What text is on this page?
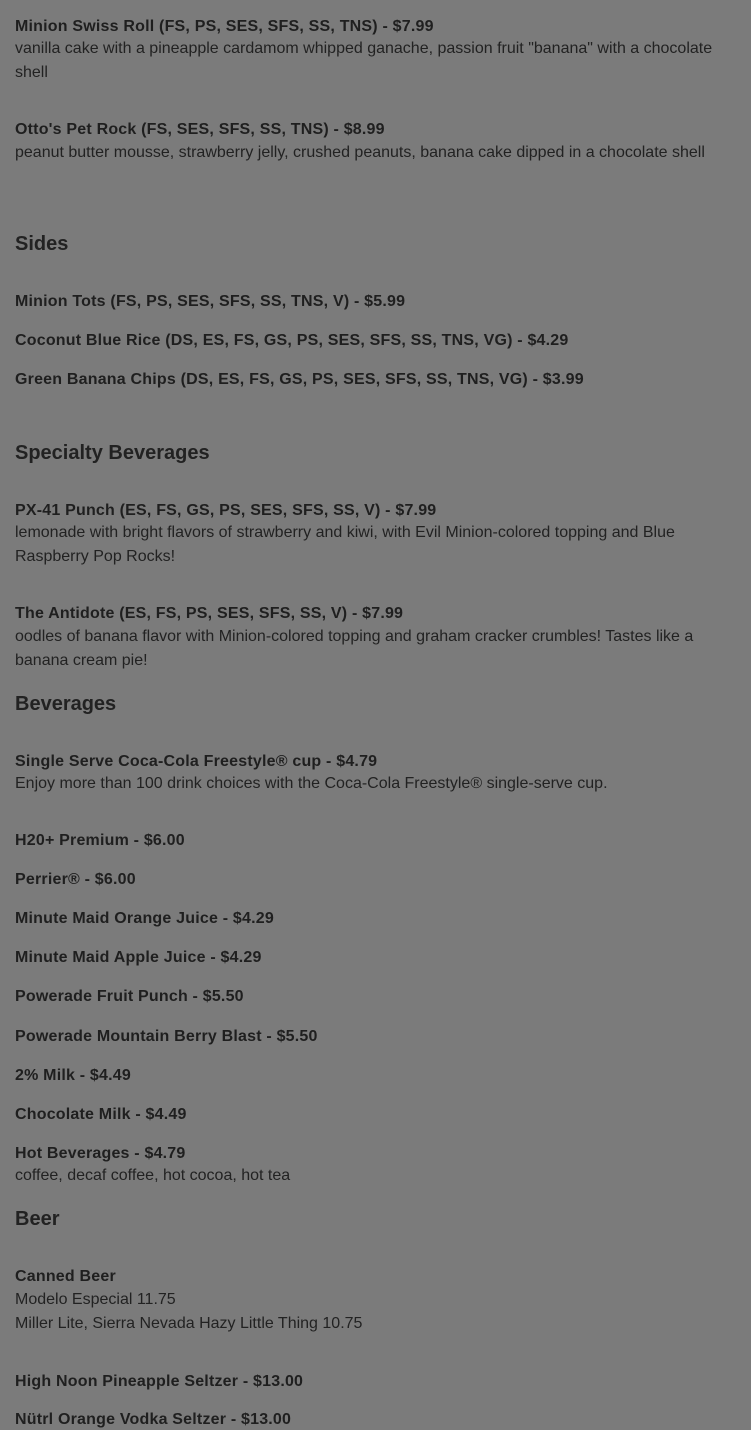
Minion Swiss Roll (FS, PS, SES, SFS, SS, TNS) - $7.99
vanilla cake with a pineapple cardamom whipped ganache, passion fruit "banana" with a chocolate shell
Otto's Pet Rock (FS, SES, SFS, SS, TNS) - $8.99
peanut butter mousse, strawberry jelly, crushed peanuts, banana cake dipped in a chocolate shell
Sides
Minion Tots (FS, PS, SES, SFS, SS, TNS, V) - $5.99
Coconut Blue Rice (DS, ES, FS, GS, PS, SES, SFS, SS, TNS, VG) - $4.29
Green Banana Chips (DS, ES, FS, GS, PS, SES, SFS, SS, TNS, VG) - $3.99
Specialty Beverages
PX-41 Punch (ES, FS, GS, PS, SES, SFS, SS, V) - $7.99
lemonade with bright flavors of strawberry and kiwi, with Evil Minion-colored topping and Blue Raspberry Pop Rocks!
The Antidote (ES, FS, PS, SES, SFS, SS, V) - $7.99
oodles of banana flavor with Minion-colored topping and graham cracker crumbles! Tastes like a banana cream pie!
Beverages
Single Serve Coca-Cola Freestyle® cup - $4.79
Enjoy more than 100 drink choices with the Coca-Cola Freestyle® single-serve cup.
H20+ Premium - $6.00
Perrier® - $6.00
Minute Maid Orange Juice - $4.29
Minute Maid Apple Juice - $4.29
Powerade Fruit Punch - $5.50
Powerade Mountain Berry Blast - $5.50
2% Milk - $4.49
Chocolate Milk - $4.49
Hot Beverages - $4.79
coffee, decaf coffee, hot cocoa, hot tea
Beer
Canned Beer
Modelo Especial 11.75
Miller Lite, Sierra Nevada Hazy Little Thing 10.75
High Noon Pineapple Seltzer - $13.00
Nütrl Orange Vodka Seltzer - $13.00
